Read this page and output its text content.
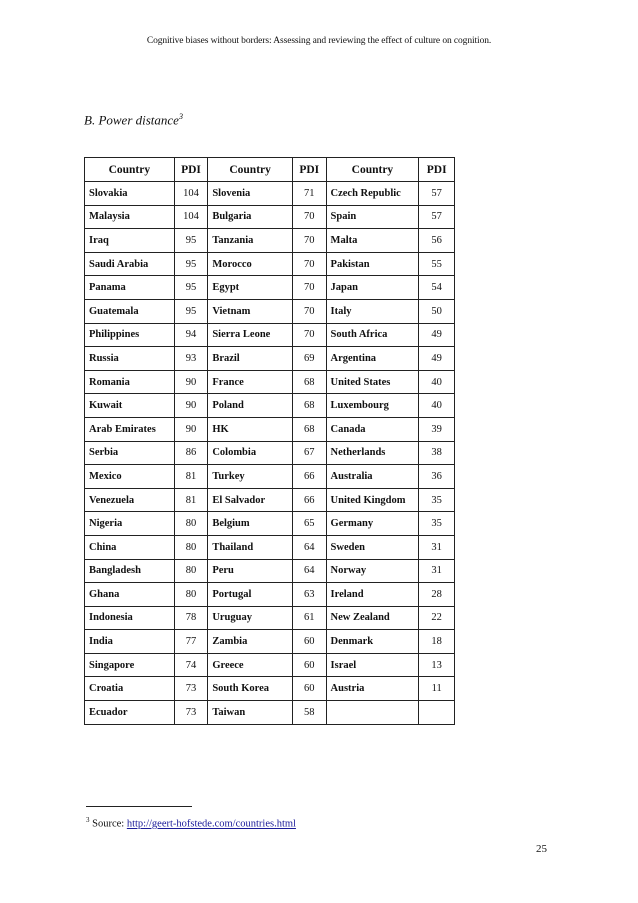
Cognitive biases without borders: Assessing and reviewing the effect of culture on cognition.
B. Power distance$^3$
Country	PDI	Country	PDI	Country	PDI
Slovakia	104	Slovenia	71	Czech Republic	57
Malaysia	104	Bulgaria	70	Spain	57
Iraq	95	Tanzania	70	Malta	56
Saudi Arabia	95	Morocco	70	Pakistan	55
Panama	95	Egypt	70	Japan	54
Guatemala	95	Vietnam	70	Italy	50
Philippines	94	Sierra Leone	70	South Africa	49
Russia	93	Brazil	69	Argentina	49
Romania	90	France	68	United States	40
Kuwait	90	Poland	68	Luxembourg	40
Arab Emirates	90	HK	68	Canada	39
Serbia	86	Colombia	67	Netherlands	38
Mexico	81	Turkey	66	Australia	36
Venezuela	81	El Salvador	66	United Kingdom	35
Nigeria	80	Belgium	65	Germany	35
China	80	Thailand	64	Sweden	31
Bangladesh	80	Peru	64	Norway	31
Ghana	80	Portugal	63	Ireland	28
Indonesia	78	Uruguay	61	New Zealand	22
India	77	Zambia	60	Denmark	18
Singapore	74	Greece	60	Israel	13
Croatia	73	South Korea	60	Austria	11
Ecuador	73	Taiwan	58		
$^3$ Source: http://geert-hofstede.com/countries.html
25
